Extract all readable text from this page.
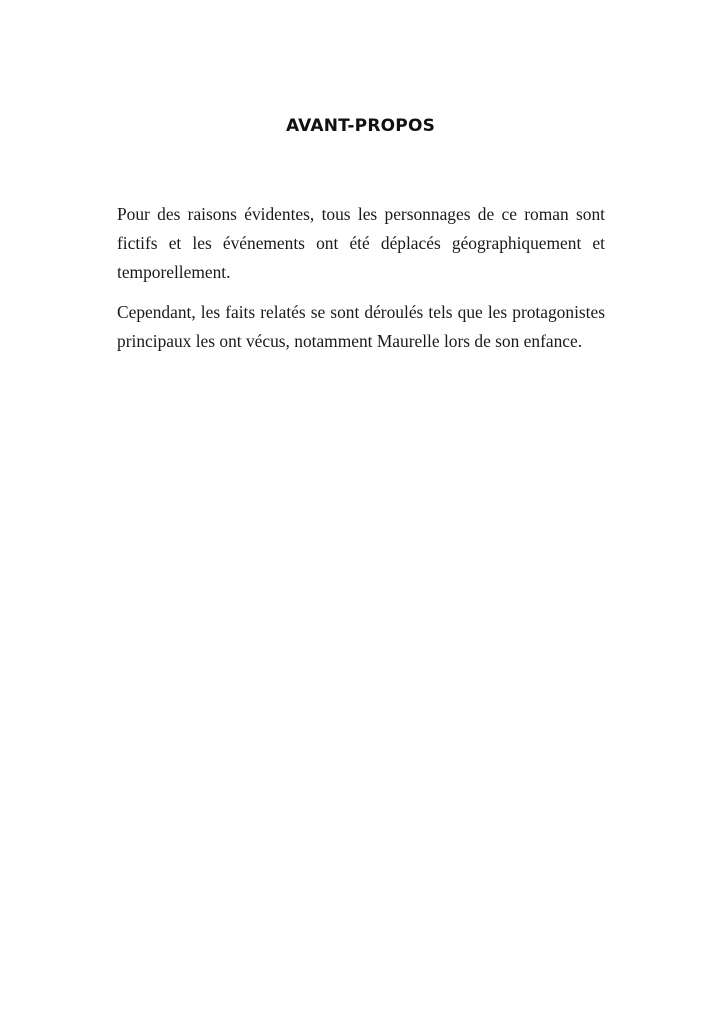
AVANT-PROPOS

Pour des raisons évidentes, tous les personnages de ce roman sont fictifs et les événements ont été déplacés géographiquement et temporellement.

Cependant, les faits relatés se sont déroulés tels que les protagonistes principaux les ont vécus, notamment Maurelle lors de son enfance.
